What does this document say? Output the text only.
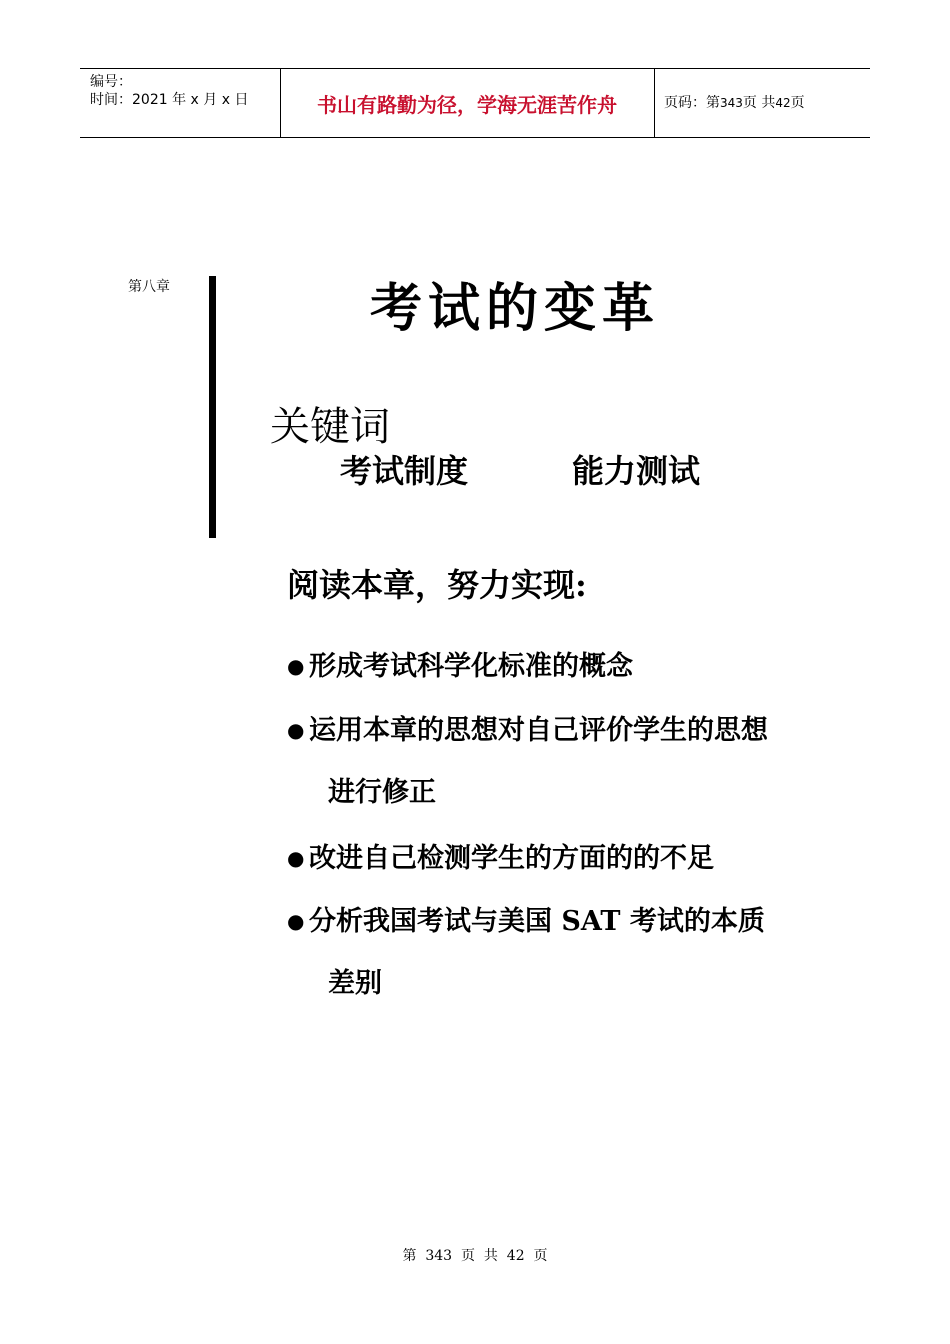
编号：
时间：2021 年 x 月 x 日	书山有路勤为径，学海无涯苦作舟	页码：第343页 共42页
第八章	考试的变革
关键词
考试制度	能力测试
阅读本章，努力实现:
● 形成考试科学化标准的概念
● 运用本章的思想对自己评价学生的思想
进行修正
● 改进自己检测学生的方面的的不足
● 分析我国考试与美国 SAT 考试的本质
差别
第  343  页  共  42  页
